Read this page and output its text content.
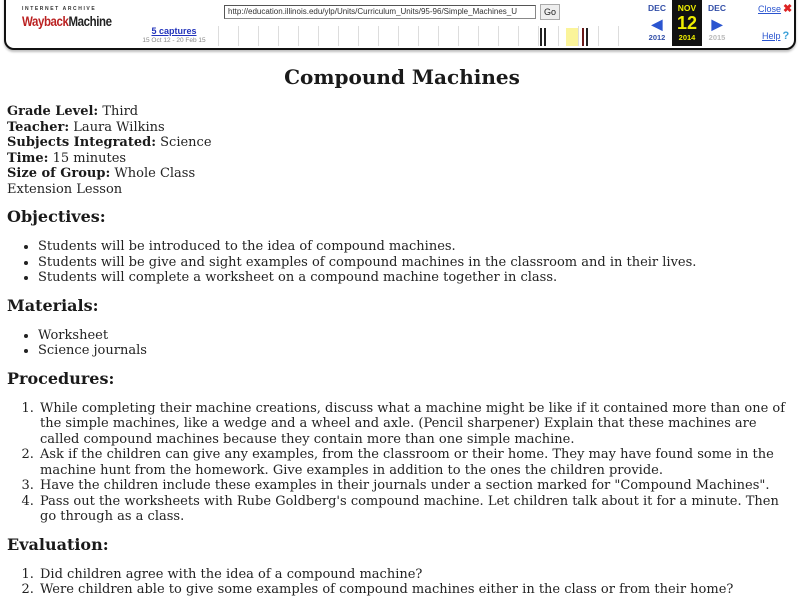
INTERNET ARCHIVE
WaybackMachine
5 captures
15 Oct 12 - 20 Feb 15
http://education.illinois.edu/ylp/Units/Curriculum_Units/95-96/Simple_Machines_U	Go	DEC
◀
2012
NOV
12
2014
DEC
▶
2015
Close ✖
Help ?
Compound Machines

Grade Level: Third

Teacher: Laura Wilkins

Subjects Integrated: Science

Time: 15 minutes

Size of Group: Whole Class

Extension Lesson

Objectives:
• Students will be introduced to the idea of compound machines.
• Students will be give and sight examples of compound machines in the classroom and in their lives.
• Students will complete a worksheet on a compound machine together in class.
Materials:
• Worksheet
• Science journals
Procedures:
1. While completing their machine creations, discuss what a machine might be like if it contained more than one of the simple machines, like a wedge and a wheel and axle. (Pencil sharpener) Explain that these machines are called compound machines because they contain more than one simple machine.
2. Ask if the children can give any examples, from the classroom or their home. They may have found some in the machine hunt from the homework. Give examples in addition to the ones the children provide.
3. Have the children include these examples in their journals under a section marked for "Compound Machines".
4. Pass out the worksheets with Rube Goldberg's compound machine. Let children talk about it for a minute. Then go through as a class.
Evaluation:
1. Did children agree with the idea of a compound machine?
2. Were children able to give some examples of compound machines either in the class or from their home?
